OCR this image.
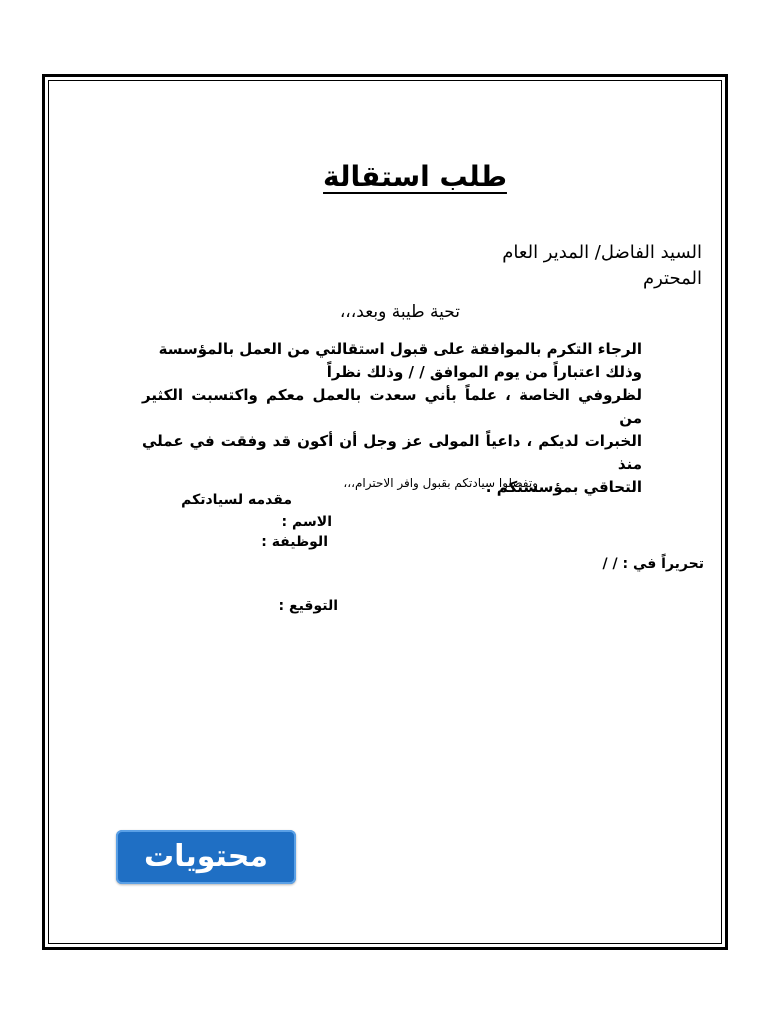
طلب استقالة
السيد الفاضل/ المدير العام
المحترم
تحية طيبة وبعد،،،
الرجاء التكرم بالموافقة على قبول استقالتي من العمل بالمؤسسة
وذلك اعتباراً من يوم الموافق / / وذلك نظراً
لظروفي الخاصة ، علماً بأني سعدت بالعمل معكم واكتسبت الكثير من
الخبرات لديكم ، داعياً المولى عز وجل أن أكون قد وفقت في عملي منذ
التحاقي بمؤسستكم .
وتفضلوا سيادتكم بقبول وافر الاحترام،،،
مقدمه لسيادتكم
الاسم :
الوظيفة :
تحريراً في : / /
التوقيع :
محتويات
